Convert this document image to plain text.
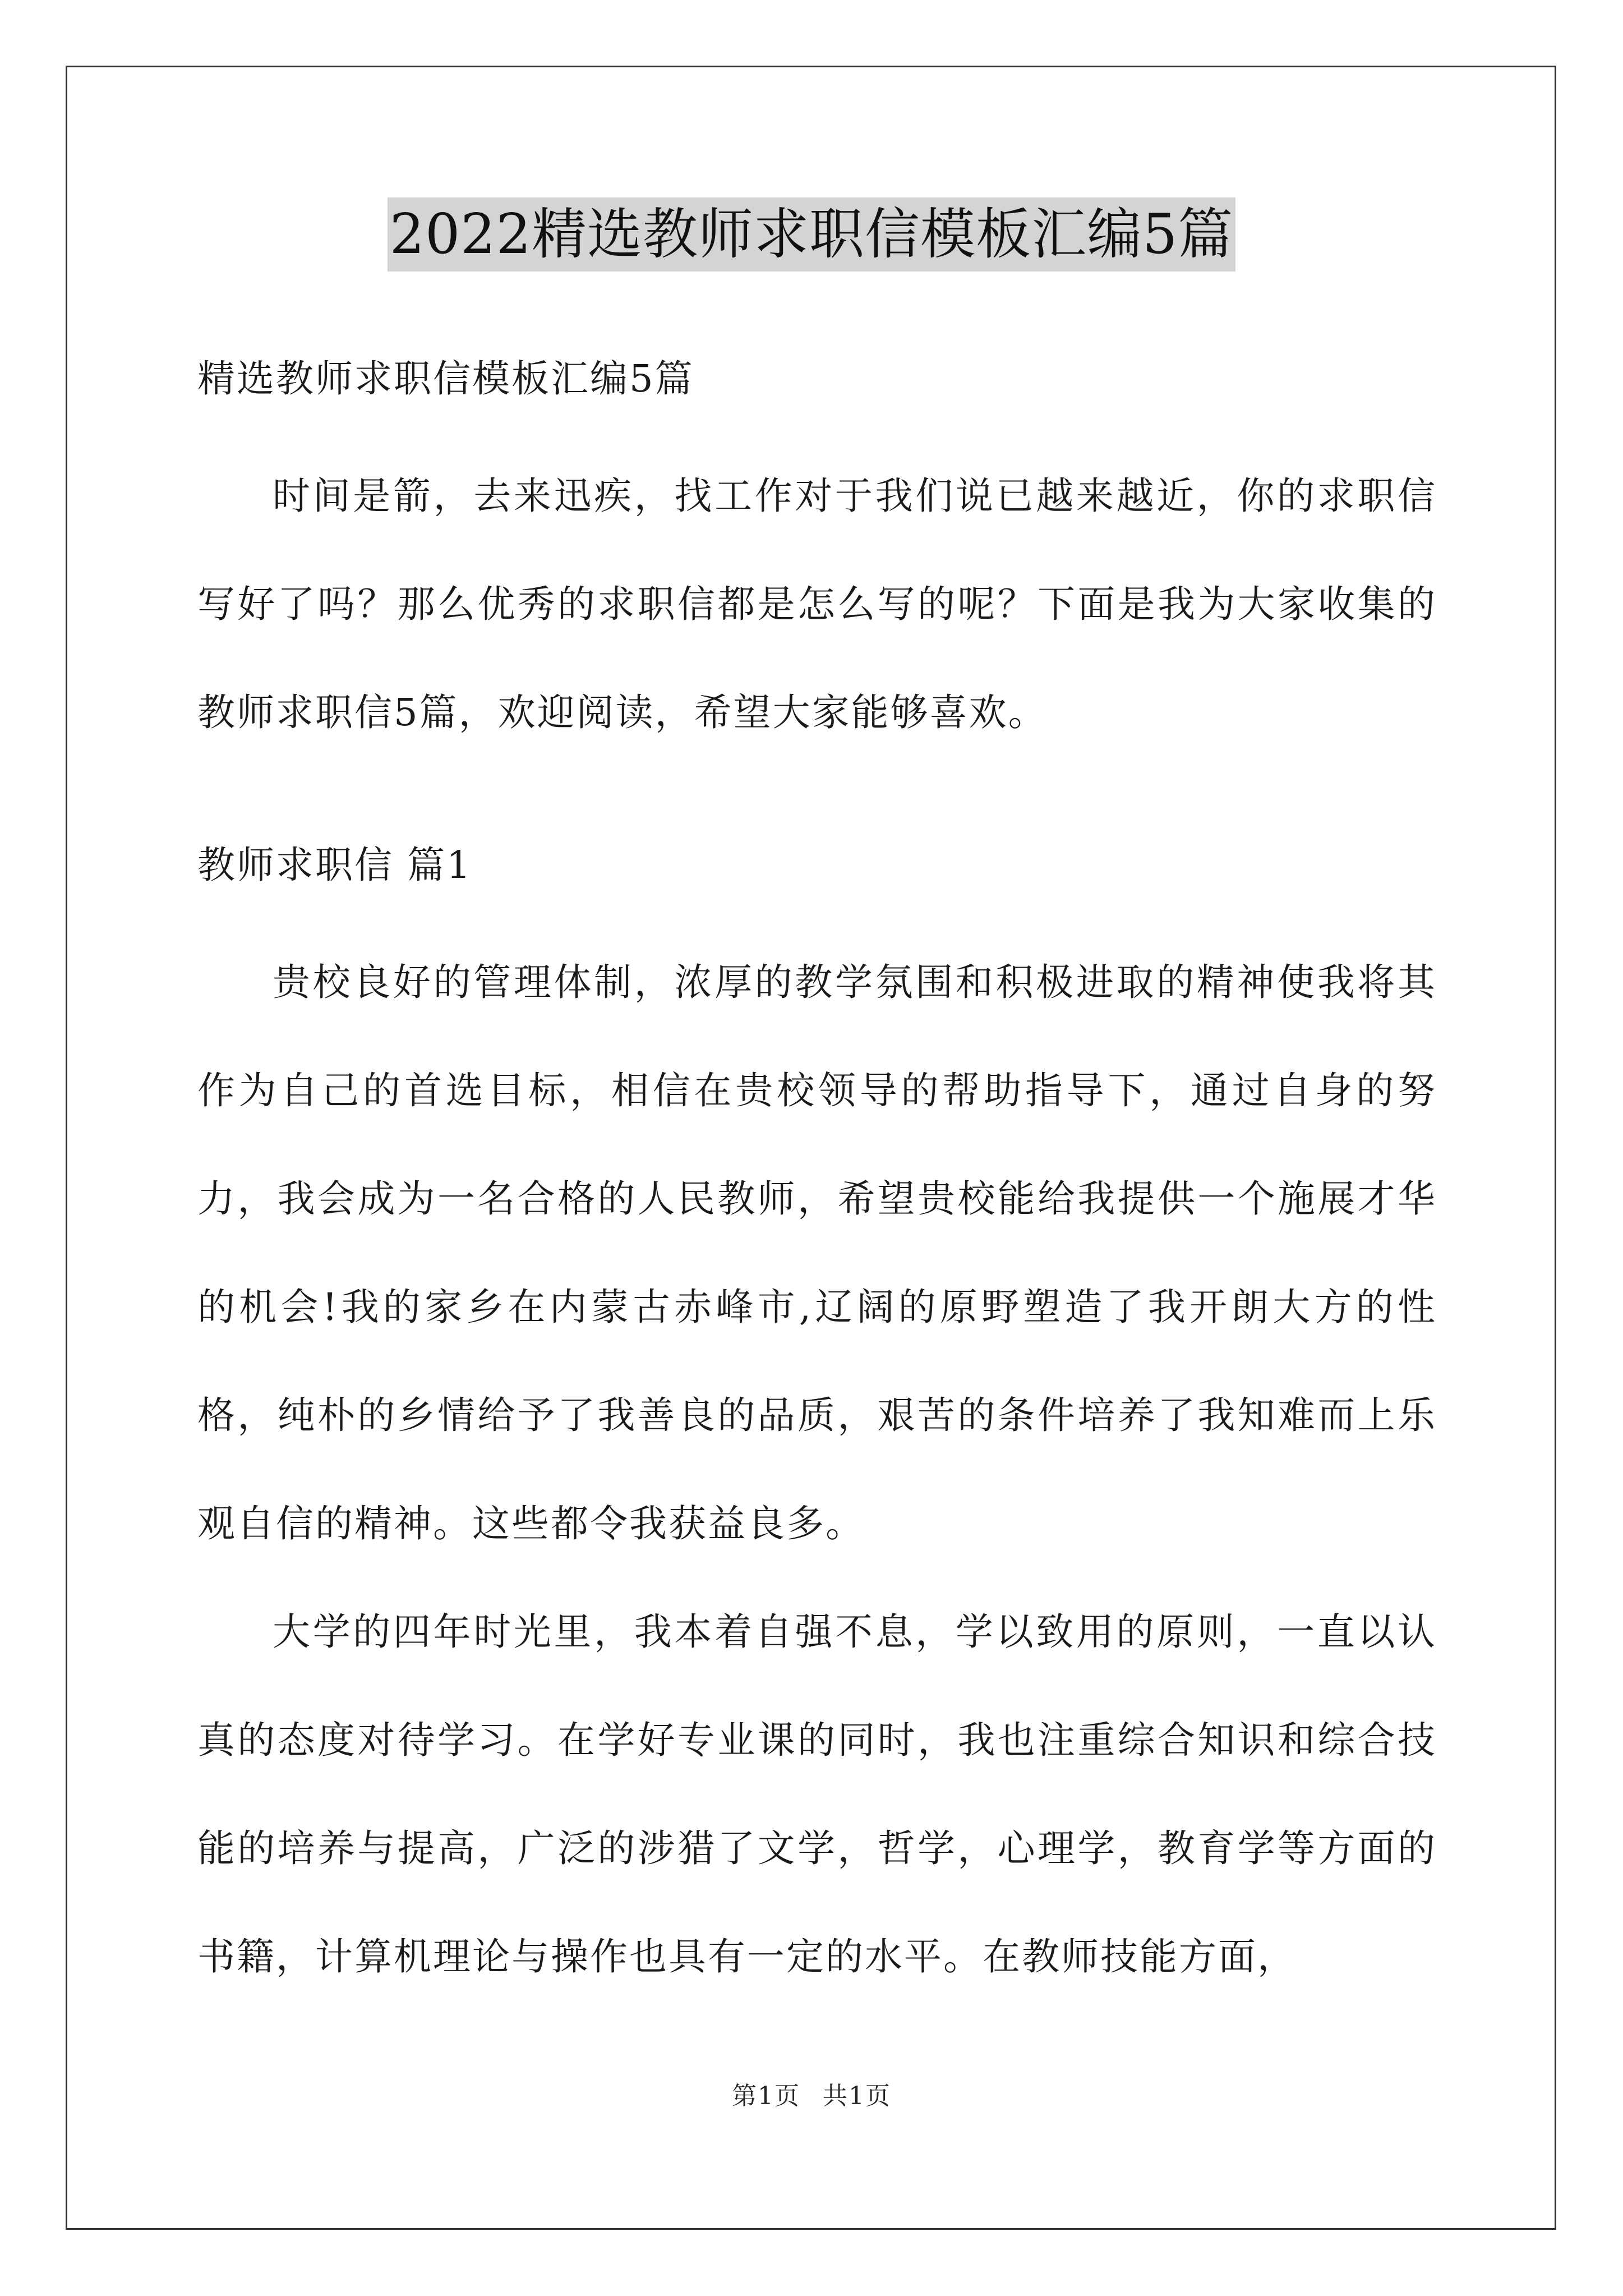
2022精选教师求职信模板汇编5篇

精选教师求职信模板汇编5篇

时间是箭，去来迅疾，找工作对于我们说已越来越近，你的求职信写好了吗？那么优秀的求职信都是怎么写的呢？下面是我为大家收集的教师求职信5篇，欢迎阅读，希望大家能够喜欢。

教师求职信 篇1

贵校良好的管理体制，浓厚的教学氛围和积极进取的精神使我将其作为自己的首选目标，相信在贵校领导的帮助指导下，通过自身的努力，我会成为一名合格的人民教师，希望贵校能给我提供一个施展才华的机会!我的家乡在内蒙古赤峰市,辽阔的原野塑造了我开朗大方的性格，纯朴的乡情给予了我善良的品质，艰苦的条件培养了我知难而上乐观自信的精神。这些都令我获益良多。

大学的四年时光里，我本着自强不息，学以致用的原则，一直以认真的态度对待学习。在学好专业课的同时，我也注重综合知识和综合技能的培养与提高，广泛的涉猎了文学，哲学，心理学，教育学等方面的书籍，计算机理论与操作也具有一定的水平。在教师技能方面，

第1页 共1页
